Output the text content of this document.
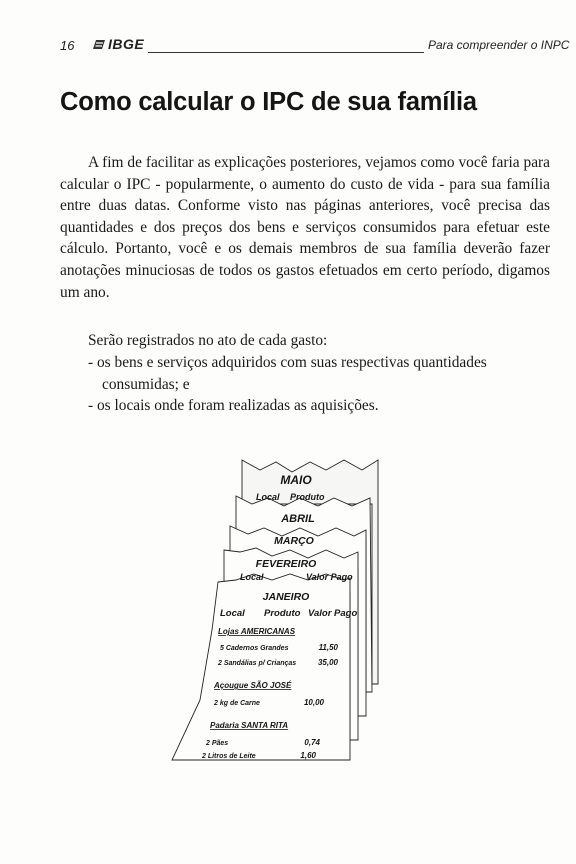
16 IBGE	Para compreender o INPC
Como calcular o IPC de sua família

A fim de facilitar as explicações posteriores, vejamos como você faria para calcular o IPC - popularmente, o aumento do custo de vida - para sua família entre duas datas. Conforme visto nas páginas anteriores, você precisa das quantidades e dos preços dos bens e serviços consumidos para efetuar este cálculo. Portanto, você e os demais membros de sua família deverão fazer anotações minuciosas de todos os gastos efetuados em certo período, digamos um ano.

Serão registrados no ato de cada gasto:

- os bens e serviços adquiridos com suas respectivas quantidades consumidas; e
- os locais onde foram realizadas as aquisições.
MAIO
Local Produto
ABRIL
MARÇO
FEVEREIRO
Local	Valor Pago
JANEIRO
Local Produto Valor Pago
Lojas AMERICANAS
5 Cadernos Grandes	11,50
2 Sandálias p/ Crianças	35,00
Açougue SÃO JOSÉ
2 kg de Carne	10,00
Padaria SANTA RITA
2 Pães	0,74
2 Litros de Leite	1,60
